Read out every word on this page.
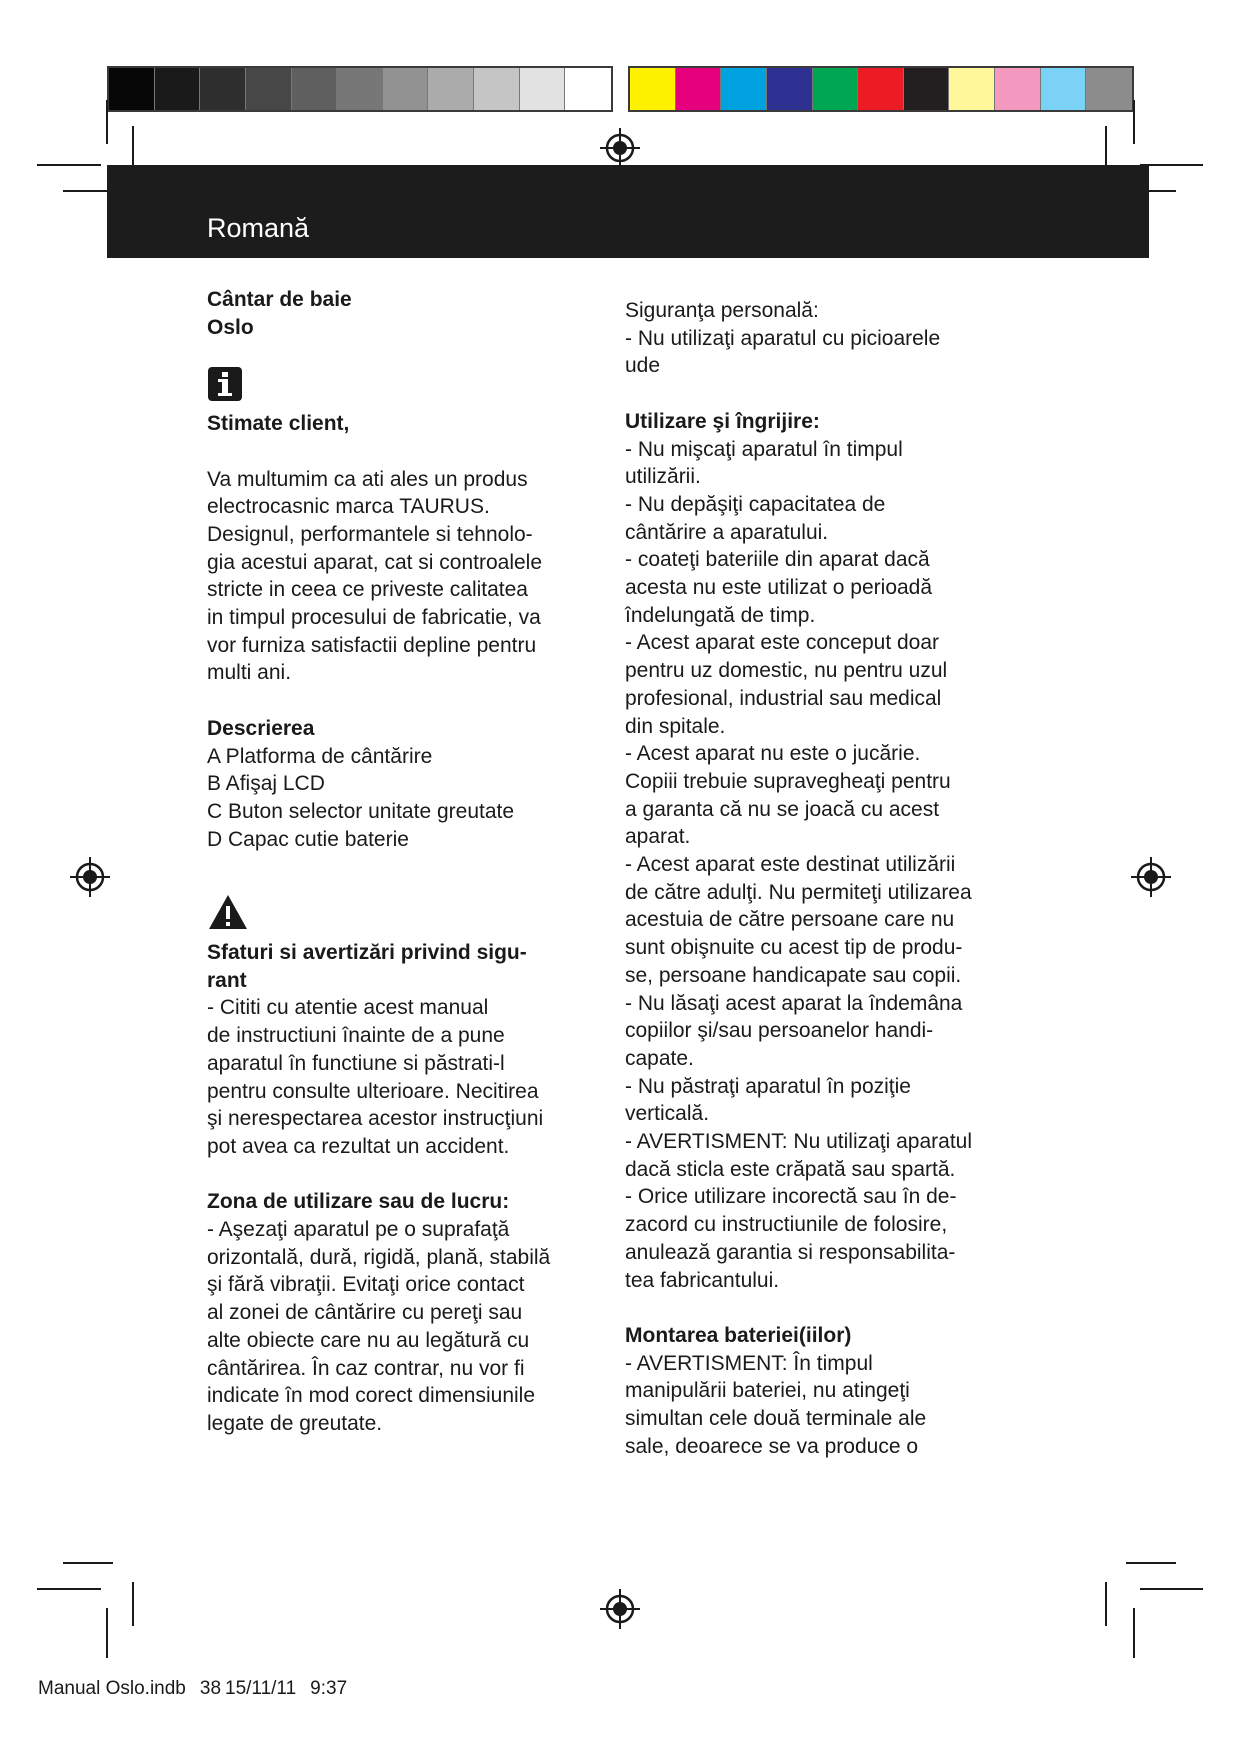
Romană

Cântar de baie

Oslo

Stimate client,

Va multumim ca ati ales un produs

electrocasnic marca TAURUS.

Designul, performantele si tehnolo-

gia acestui aparat, cat si controalele

stricte in ceea ce priveste calitatea

in timpul procesului de fabricatie, va

vor furniza satisfactii depline pentru

multi ani.

Descrierea

A Platforma de cântărire

B Afişaj LCD

C Buton selector unitate greutate

D Capac cutie baterie

Sfaturi si avertizări privind sigu-

rant

- Cititi cu atentie acest manual

de instructiuni înainte de a pune

aparatul în functiune si păstrati-l

pentru consulte ulterioare. Necitirea

şi nerespectarea acestor instrucţiuni

pot avea ca rezultat un accident.

Zona de utilizare sau de lucru:

- Aşezaţi aparatul pe o suprafaţă

orizontală, dură, rigidă, plană, stabilă

şi fără vibraţii. Evitaţi orice contact

al zonei de cântărire cu pereţi sau

alte obiecte care nu au legătură cu

cântărirea. În caz contrar, nu vor fi

indicate în mod corect dimensiunile

legate de greutate.

Siguranţa personală:

- Nu utilizaţi aparatul cu picioarele

ude

Utilizare şi îngrijire:

- Nu mişcaţi aparatul în timpul

utilizării.

- Nu depăşiţi capacitatea de

cântărire a aparatului.

- coateţi bateriile din aparat dacă

acesta nu este utilizat o perioadă

îndelungată de timp.

- Acest aparat este conceput doar

pentru uz domestic, nu pentru uzul

profesional, industrial sau medical

din spitale.

- Acest aparat nu este o jucărie.

Copiii trebuie supravegheaţi pentru

a garanta că nu se joacă cu acest

aparat.

- Acest aparat este destinat utilizării

de către adulţi. Nu permiteţi utilizarea

acestuia de către persoane care nu

sunt obişnuite cu acest tip de produ-

se, persoane handicapate sau copii.

- Nu lăsaţi acest aparat la îndemâna

copiilor şi/sau persoanelor handi-

capate.

- Nu păstraţi aparatul în poziţie

verticală.

- AVERTISMENT: Nu utilizaţi aparatul

dacă sticla este crăpată sau spartă.

- Orice utilizare incorectă sau în de-

zacord cu instructiunile de folosire,

anulează garantia si responsabilita-

tea fabricantului.

Montarea bateriei(iilor)

- AVERTISMENT: În timpul

manipulării bateriei, nu atingeţi

simultan cele două terminale ale

sale, deoarece se va produce o

Manual Oslo.indb 38 15/11/11 9:37
